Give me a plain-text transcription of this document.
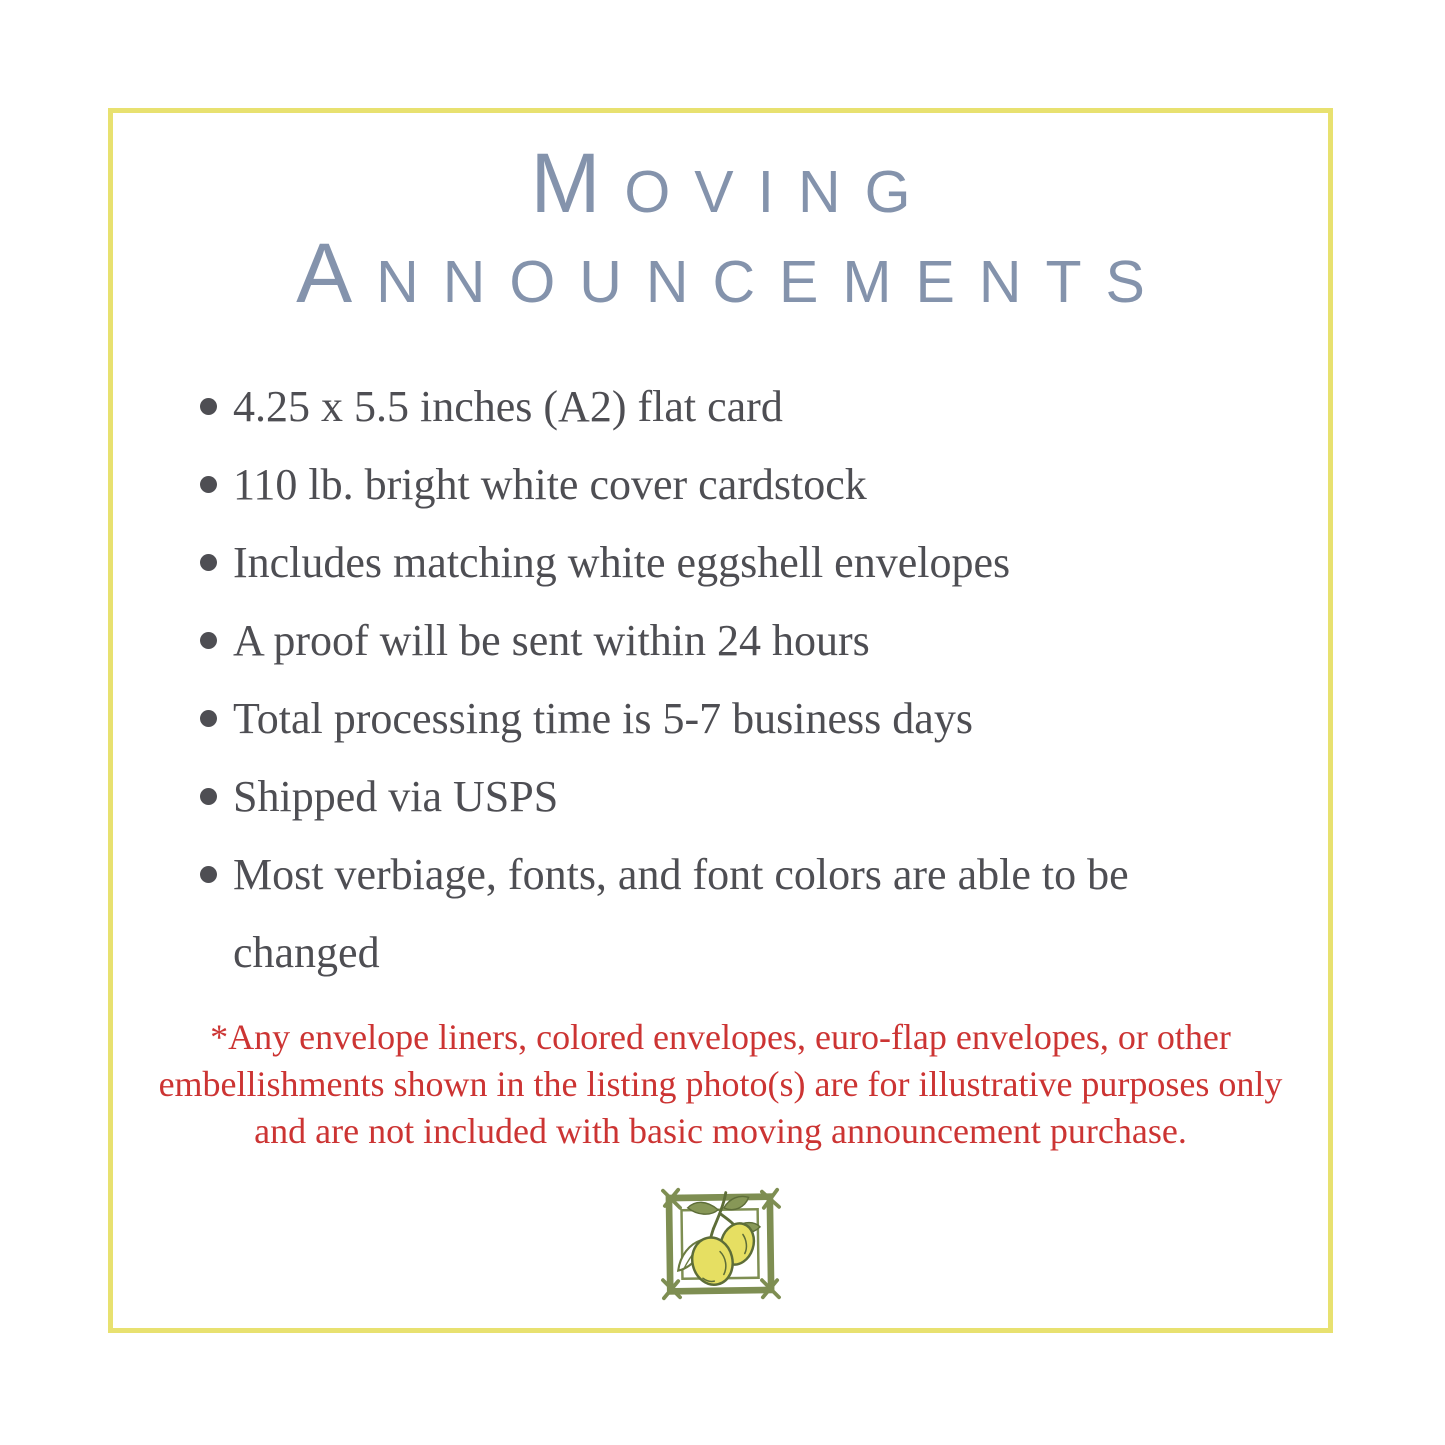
Moving
Announcements
4.25 x 5.5 inches (A2) flat card
110 lb. bright white cover cardstock
Includes matching white eggshell envelopes
A proof will be sent within 24 hours
Total processing time is 5-7 business days
Shipped via USPS
Most verbiage, fonts, and font colors are able to be changed

*Any envelope liners, colored envelopes, euro-flap envelopes, or other embellishments shown in the listing photo(s) are for illustrative purposes only and are not included with basic moving announcement purchase.
